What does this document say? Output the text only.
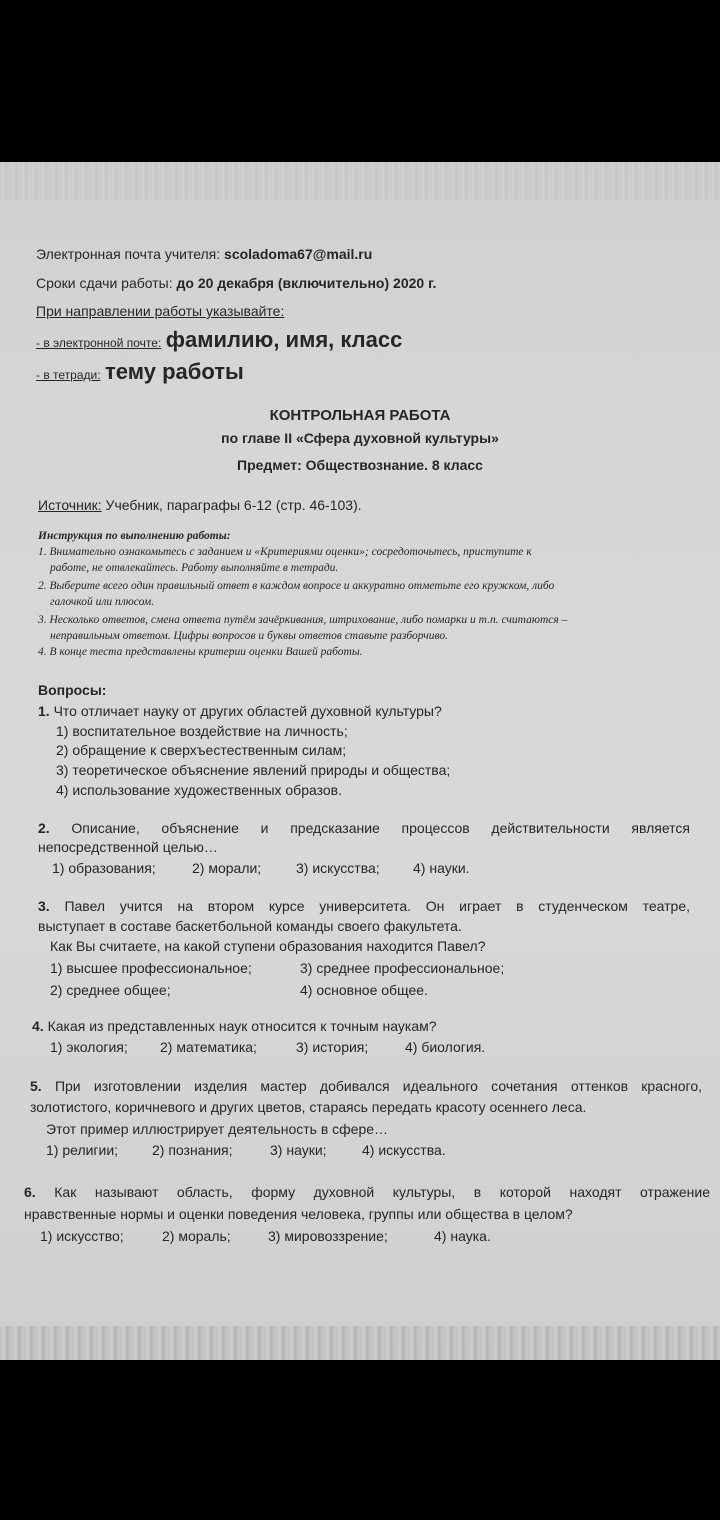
Электронная почта учителя: scoladoma67@mail.ru

Сроки сдачи работы: до 20 декабря (включительно) 2020 г.

При направлении работы указывайте:

- в электронной почте: фамилию, имя, класс

- в тетради: тему работы

КОНТРОЛЬНАЯ РАБОТА

по главе II «Сфера духовной культуры»

Предмет: Обществознание. 8 класс

Источник: Учебник, параграфы 6-12 (стр. 46-103).

Инструкция по выполнению работы:

1. Внимательно ознакомьтесь с заданием и «Критериями оценки»; сосредоточьтесь, приступите к

работе, не отвлекайтесь. Работу выполняйте в тетради.

2. Выберите всего один правильный ответ в каждом вопросе и аккуратно отметьте его кружком, либо

галочкой или плюсом.

3. Несколько ответов, смена ответа путём зачёркивания, штрихование, либо помарки и т.п. считаются –

неправильным ответом. Цифры вопросов и буквы ответов ставьте разборчиво.

4. В конце теста представлены критерии оценки Вашей работы.

Вопросы:

1. Что отличает науку от других областей духовной культуры?

1) воспитательное воздействие на личность;

2) обращение к сверхъестественным силам;

3) теоретическое объяснение явлений природы и общества;

4) использование художественных образов.

2. Описание, объяснение и предсказание процессов действительности является

непосредственной целью…

1) образования;	2) морали; 3) искусства; 4) науки.

3. Павел учится на втором курсе университета. Он играет в студенческом театре,

выступает в составе баскетбольной команды своего факультета.

Как Вы считаете, на какой ступени образования находится Павел?

1) высшее профессиональное;	3) среднее профессиональное;

2) среднее общее;	4) основное общее.

4. Какая из представленных наук относится к точным наукам?

1) экология; 2) математика;	3) история;	4) биология.

5. При изготовлении изделия мастер добивался идеального сочетания оттенков красного,

золотистого, коричневого и других цветов, стараясь передать красоту осеннего леса.

Этот пример иллюстрирует деятельность в сфере…

1) религии; 2) познания;	3) науки;	4) искусства.

6. Как называют область, форму духовной культуры, в которой находят отражение

нравственные нормы и оценки поведения человека, группы или общества в целом?

1) искусство;	2) мораль;	3) мировоззрение;	4) наука.
